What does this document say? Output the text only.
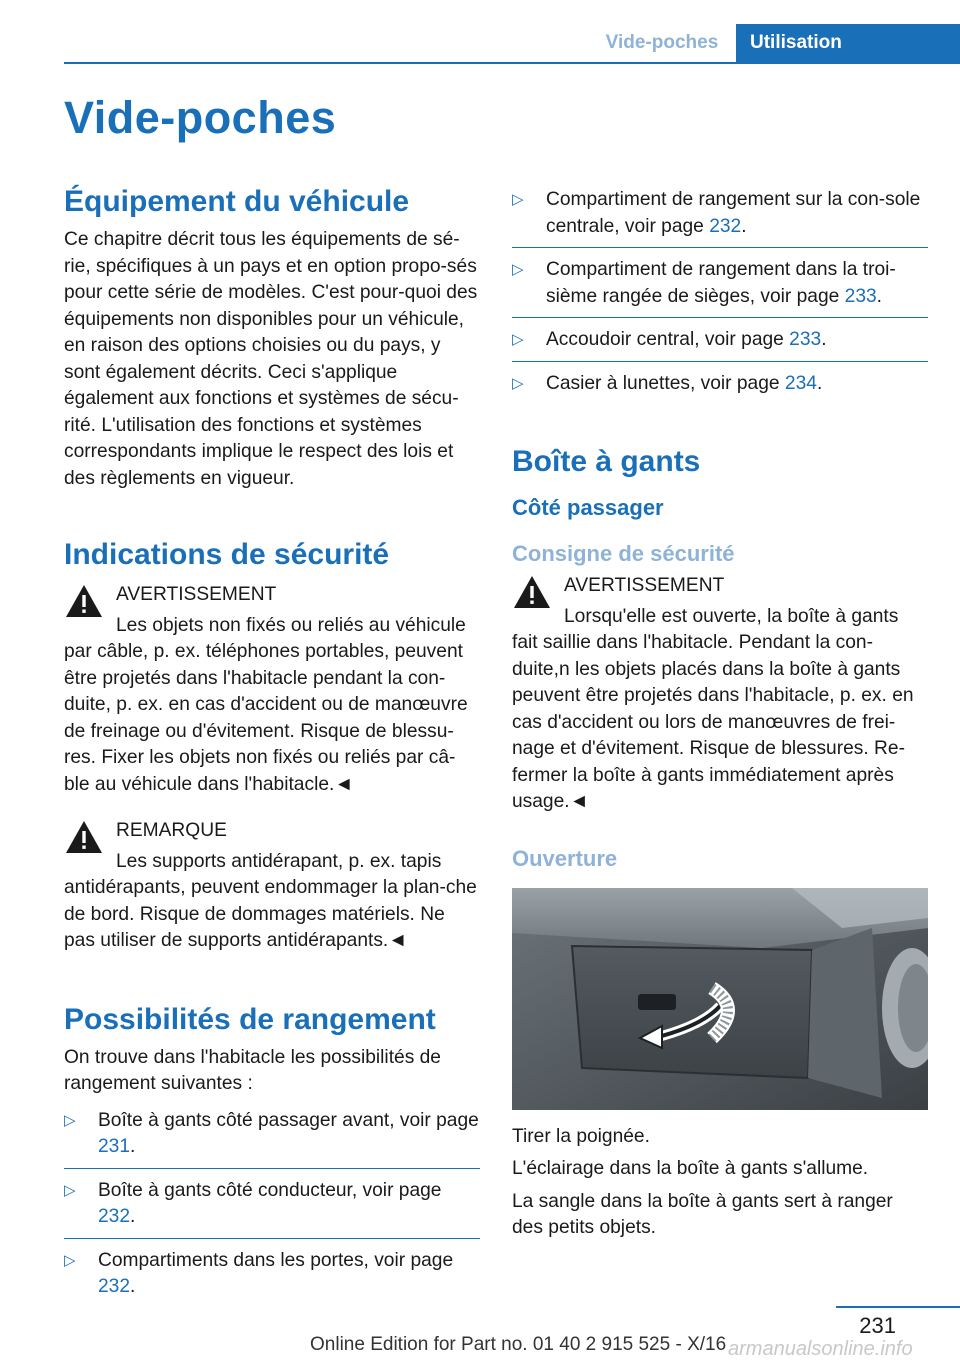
Vide-poches	Utilisation
Vide-poches
Équipement du véhicule

Ce chapitre décrit tous les équipements de sé-rie, spécifiques à un pays et en option propo-sés pour cette série de modèles. C'est pour-quoi des équipements non disponibles pour un véhicule, en raison des options choisies ou du pays, y sont également décrits. Ceci s'applique également aux fonctions et systèmes de sécu-rité. L'utilisation des fonctions et systèmes correspondants implique le respect des lois et des règlements en vigueur.

Indications de sécurité
AVERTISSEMENT

Les objets non fixés ou reliés au véhicule par câble, p. ex. téléphones portables, peuvent être projetés dans l'habitacle pendant la con-duite, p. ex. en cas d'accident ou de manœuvre de freinage ou d'évitement. Risque de blessu-res. Fixer les objets non fixés ou reliés par câ-ble au véhicule dans l'habitacle.◄

REMARQUE

Les supports antidérapant, p. ex. tapis antidérapants, peuvent endommager la plan-che de bord. Risque de dommages matériels. Ne pas utiliser de supports antidérapants.◄

Possibilités de rangement

On trouve dans l'habitacle les possibilités de rangement suivantes :

▷ Boîte à gants côté passager avant, voir page 231.
▷ Boîte à gants côté conducteur, voir page 232.
▷ Compartiments dans les portes, voir page 232.
▷ Compartiment de rangement sur la con-sole centrale, voir page 232.
▷ Compartiment de rangement dans la troi-sième rangée de sièges, voir page 233.
▷ Accoudoir central, voir page 233.
▷ Casier à lunettes, voir page 234.
Boîte à gants
Côté passager
Consigne de sécurité
AVERTISSEMENT

Lorsqu'elle est ouverte, la boîte à gants fait saillie dans l'habitacle. Pendant la con-duite,n les objets placés dans la boîte à gants peuvent être projetés dans l'habitacle, p. ex. en cas d'accident ou lors de manœuvres de frei-nage et d'évitement. Risque de blessures. Re-fermer la boîte à gants immédiatement après usage.◄

Ouverture

Tirer la poignée.

L'éclairage dans la boîte à gants s'allume.

La sangle dans la boîte à gants sert à ranger des petits objets.

231
Online Edition for Part no. 01 40 2 915 525 - X/16 armanualsonline.info
